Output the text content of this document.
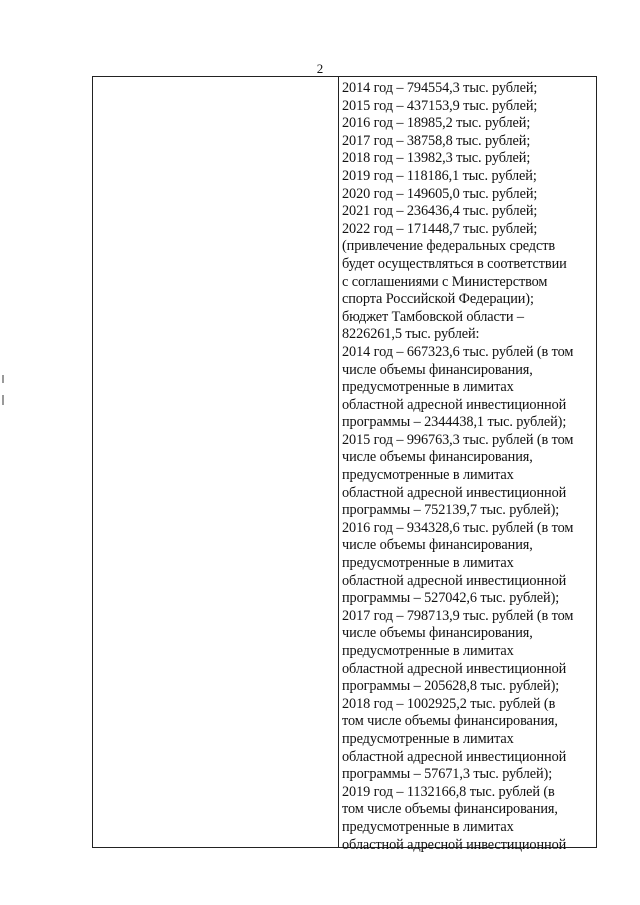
2
2014 год – 794554,3 тыс. рублей;
2015 год – 437153,9 тыс. рублей;
2016 год – 18985,2 тыс. рублей;
2017 год – 38758,8 тыс. рублей;
2018 год – 13982,3 тыс. рублей;
2019 год – 118186,1 тыс. рублей;
2020 год – 149605,0 тыс. рублей;
2021 год – 236436,4 тыс. рублей;
2022 год – 171448,7 тыс. рублей;
(привлечение федеральных средств
будет осуществляться в соответствии
с соглашениями с Министерством
спорта Российской Федерации);
бюджет Тамбовской области –
8226261,5 тыс. рублей:
2014 год – 667323,6 тыс. рублей (в том
числе объемы финансирования,
предусмотренные в лимитах
областной адресной инвестиционной
программы – 2344438,1 тыс. рублей);
2015 год – 996763,3 тыс. рублей (в том
числе объемы финансирования,
предусмотренные в лимитах
областной адресной инвестиционной
программы – 752139,7 тыс. рублей);
2016 год – 934328,6 тыс. рублей (в том
числе объемы финансирования,
предусмотренные в лимитах
областной адресной инвестиционной
программы – 527042,6 тыс. рублей);
2017 год – 798713,9 тыс. рублей (в том
числе объемы финансирования,
предусмотренные в лимитах
областной адресной инвестиционной
программы – 205628,8 тыс. рублей);
2018 год – 1002925,2 тыс. рублей (в
том числе объемы финансирования,
предусмотренные в лимитах
областной адресной инвестиционной
программы – 57671,3 тыс. рублей);
2019 год – 1132166,8 тыс. рублей (в
том числе объемы финансирования,
предусмотренные в лимитах
областной адресной инвестиционной
